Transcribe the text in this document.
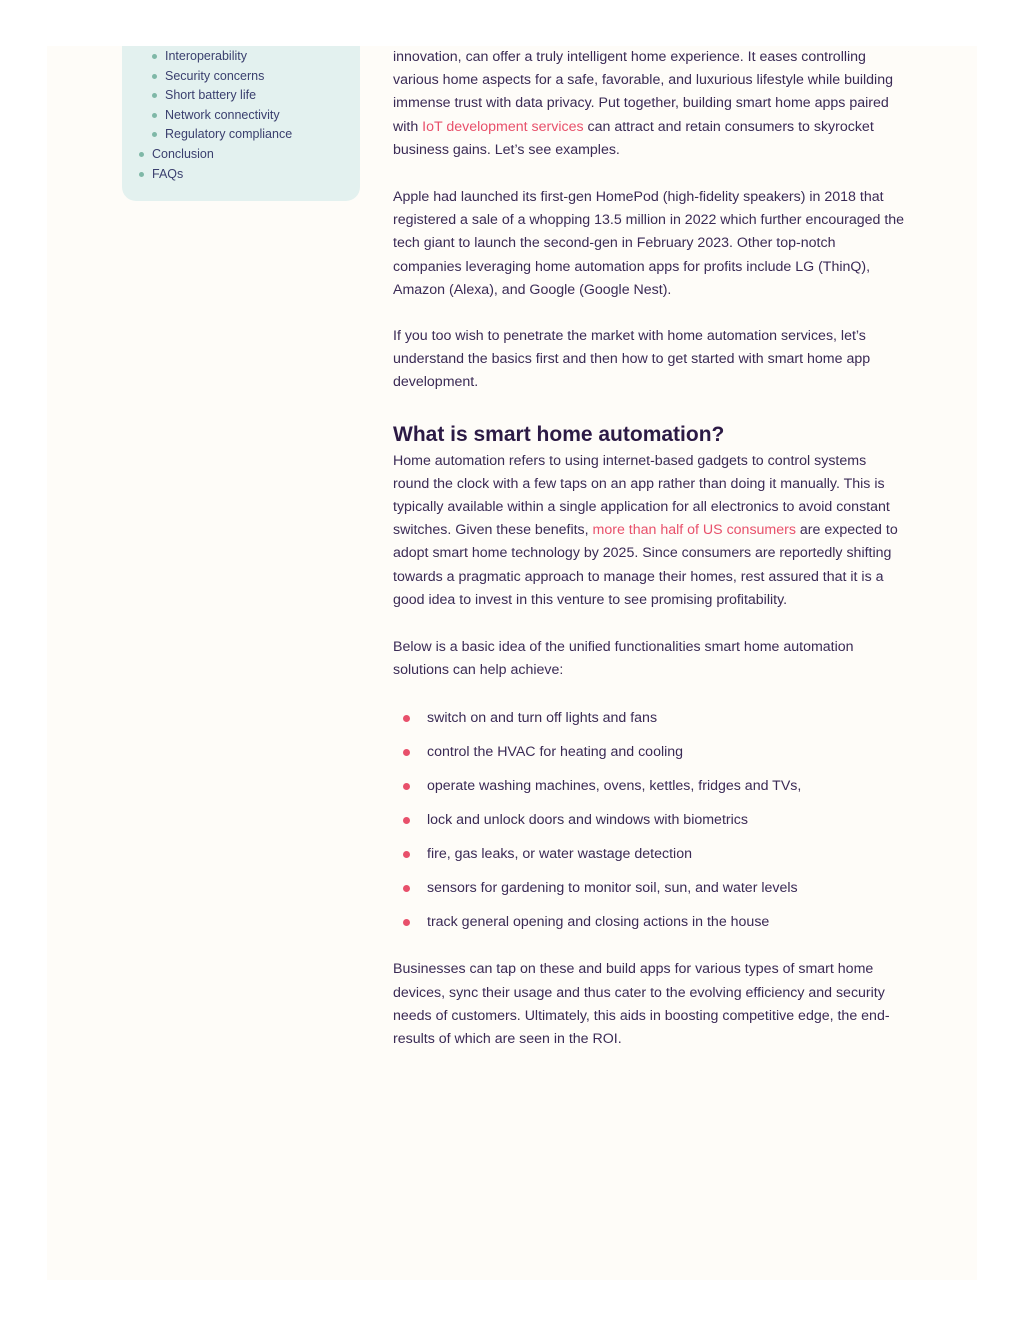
Interoperability
Security concerns
Short battery life
Network connectivity
Regulatory compliance
Conclusion
FAQs

innovation, can offer a truly intelligent home experience. It eases controlling various home aspects for a safe, favorable, and luxurious lifestyle while building immense trust with data privacy. Put together, building smart home apps paired with IoT development services can attract and retain consumers to skyrocket business gains. Let’s see examples.

Apple had launched its first-gen HomePod (high-fidelity speakers) in 2018 that registered a sale of a whopping 13.5 million in 2022 which further encouraged the tech giant to launch the second-gen in February 2023. Other top-notch companies leveraging home automation apps for profits include LG (ThinQ), Amazon (Alexa), and Google (Google Nest).

If you too wish to penetrate the market with home automation services, let’s understand the basics first and then how to get started with smart home app development.

What is smart home automation?

Home automation refers to using internet-based gadgets to control systems round the clock with a few taps on an app rather than doing it manually. This is typically available within a single application for all electronics to avoid constant switches. Given these benefits, more than half of US consumers are expected to adopt smart home technology by 2025. Since consumers are reportedly shifting towards a pragmatic approach to manage their homes, rest assured that it is a good idea to invest in this venture to see promising profitability.

Below is a basic idea of the unified functionalities smart home automation solutions can help achieve:

switch on and turn off lights and fans
control the HVAC for heating and cooling
operate washing machines, ovens, kettles, fridges and TVs,
lock and unlock doors and windows with biometrics
fire, gas leaks, or water wastage detection
sensors for gardening to monitor soil, sun, and water levels
track general opening and closing actions in the house

Businesses can tap on these and build apps for various types of smart home devices, sync their usage and thus cater to the evolving efficiency and security needs of customers. Ultimately, this aids in boosting competitive edge, the end-results of which are seen in the ROI.
